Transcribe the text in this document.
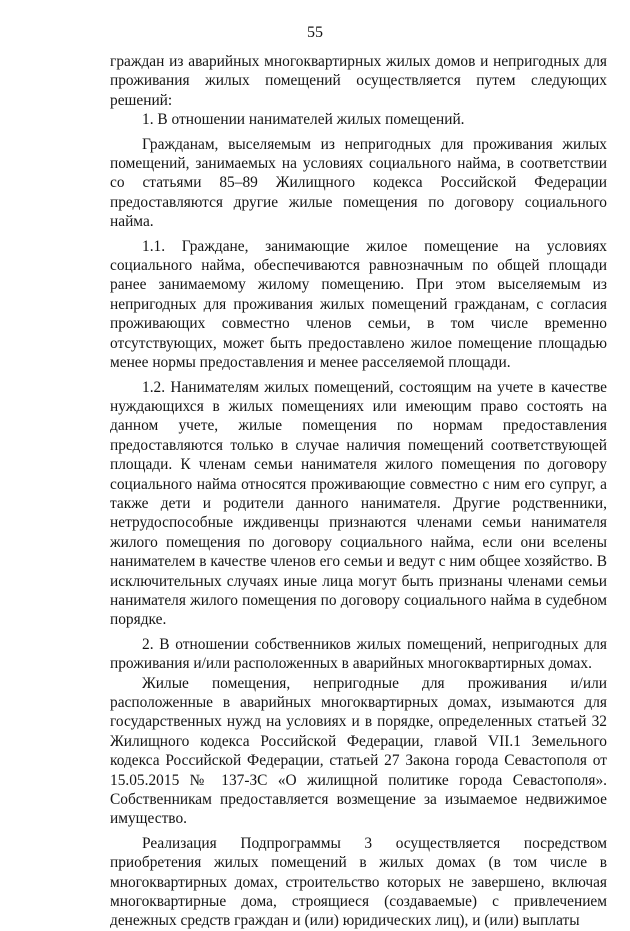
55

граждан из аварийных многоквартирных жилых домов и непригодных для проживания жилых помещений осуществляется путем следующих решений:

1. В отношении нанимателей жилых помещений.

Гражданам, выселяемым из непригодных для проживания жилых помещений, занимаемых на условиях социального найма, в соответствии со статьями 85–89 Жилищного кодекса Российской Федерации предоставляются другие жилые помещения по договору социального найма.

1.1. Граждане, занимающие жилое помещение на условиях социального найма, обеспечиваются равнозначным по общей площади ранее занимаемому жилому помещению. При этом выселяемым из непригодных для проживания жилых помещений гражданам, с согласия проживающих совместно членов семьи, в том числе временно отсутствующих, может быть предоставлено жилое помещение площадью менее нормы предоставления и менее расселяемой площади.

1.2. Нанимателям жилых помещений, состоящим на учете в качестве нуждающихся в жилых помещениях или имеющим право состоять на данном учете, жилые помещения по нормам предоставления предоставляются только в случае наличия помещений соответствующей площади. К членам семьи нанимателя жилого помещения по договору социального найма относятся проживающие совместно с ним его супруг, а также дети и родители данного нанимателя. Другие родственники, нетрудоспособные иждивенцы признаются членами семьи нанимателя жилого помещения по договору социального найма, если они вселены нанимателем в качестве членов его семьи и ведут с ним общее хозяйство. В исключительных случаях иные лица могут быть признаны членами семьи нанимателя жилого помещения по договору социального найма в судебном порядке.

2. В отношении собственников жилых помещений, непригодных для проживания и/или расположенных в аварийных многоквартирных домах.

Жилые помещения, непригодные для проживания и/или расположенные в аварийных многоквартирных домах, изымаются для государственных нужд на условиях и в порядке, определенных статьей 32 Жилищного кодекса Российской Федерации, главой VII.1 Земельного кодекса Российской Федерации, статьей 27 Закона города Севастополя от 15.05.2015 № 137-ЗС «О жилищной политике города Севастополя». Собственникам предоставляется возмещение за изымаемое недвижимое имущество.

Реализация Подпрограммы 3 осуществляется посредством приобретения жилых помещений в жилых домах (в том числе в многоквартирных домах, строительство которых не завершено, включая многоквартирные дома, строящиеся (создаваемые) с привлечением денежных средств граждан и (или) юридических лиц), и (или) выплаты
